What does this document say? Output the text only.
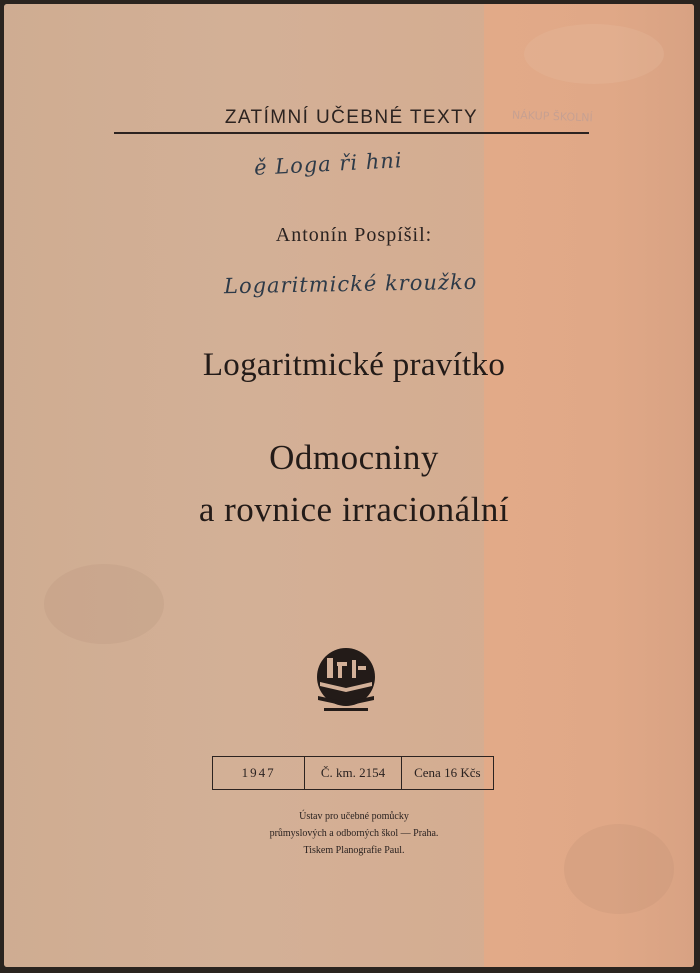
ZATÍMNÍ UČEBNÉ TEXTY	NÁKUP ŠKOLNÍ
ě Loga ři hni
Antonín Pospíšil:
Logaritmické kroužko
Logaritmické pravítko
Odmocniny
a rovnice irracionální
1947	Č. km. 2154	Cena 16 Kčs
Ústav pro učebné pomůcky
průmyslových a odborných škol — Praha.
Tiskem Planografie Paul.
